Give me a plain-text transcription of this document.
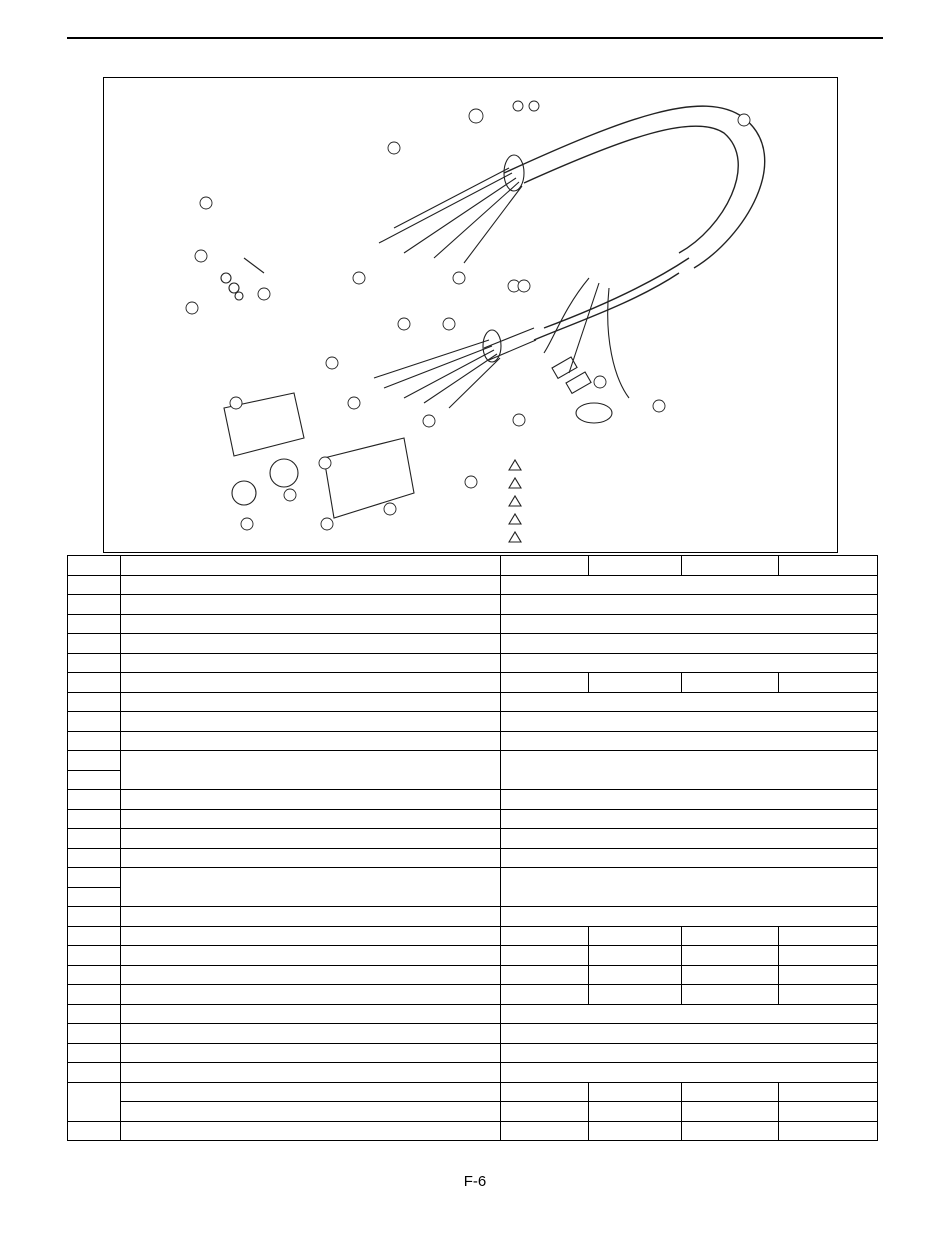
F-6
